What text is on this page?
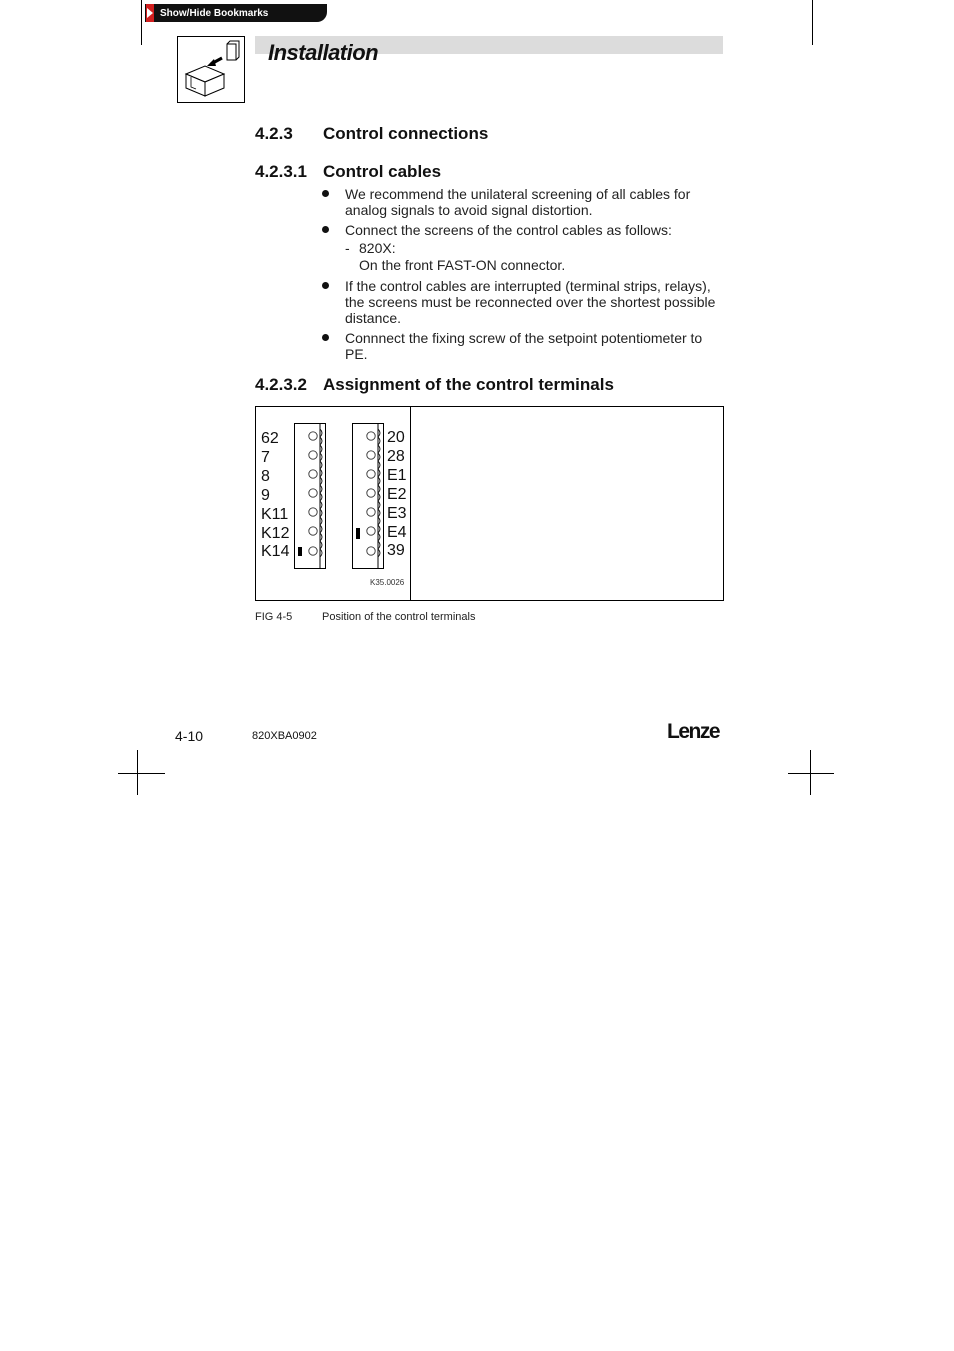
Show/Hide Bookmarks
Installation
4.2.3 Control connections
4.2.3.1 Control cables
We recommend the unilateral screening of all cables for
analog signals to avoid signal distortion.
Connect the screens of the control cables as follows:
- 820X:
On the front FAST-ON connector.
If the control cables are interrupted (terminal strips, relays),
the screens must be reconnected over the shortest possible
distance.
Connnect the fixing screw of the setpoint potentiometer to
PE.
4.2.3.2 Assignment of the control terminals
62
7
8
9
K11
K12
K14
20
28
E1
E2
E3
E4
39
K35.0026
FIG 4-5	Position of the control terminals
4-10	820XBA0902	Lenze
